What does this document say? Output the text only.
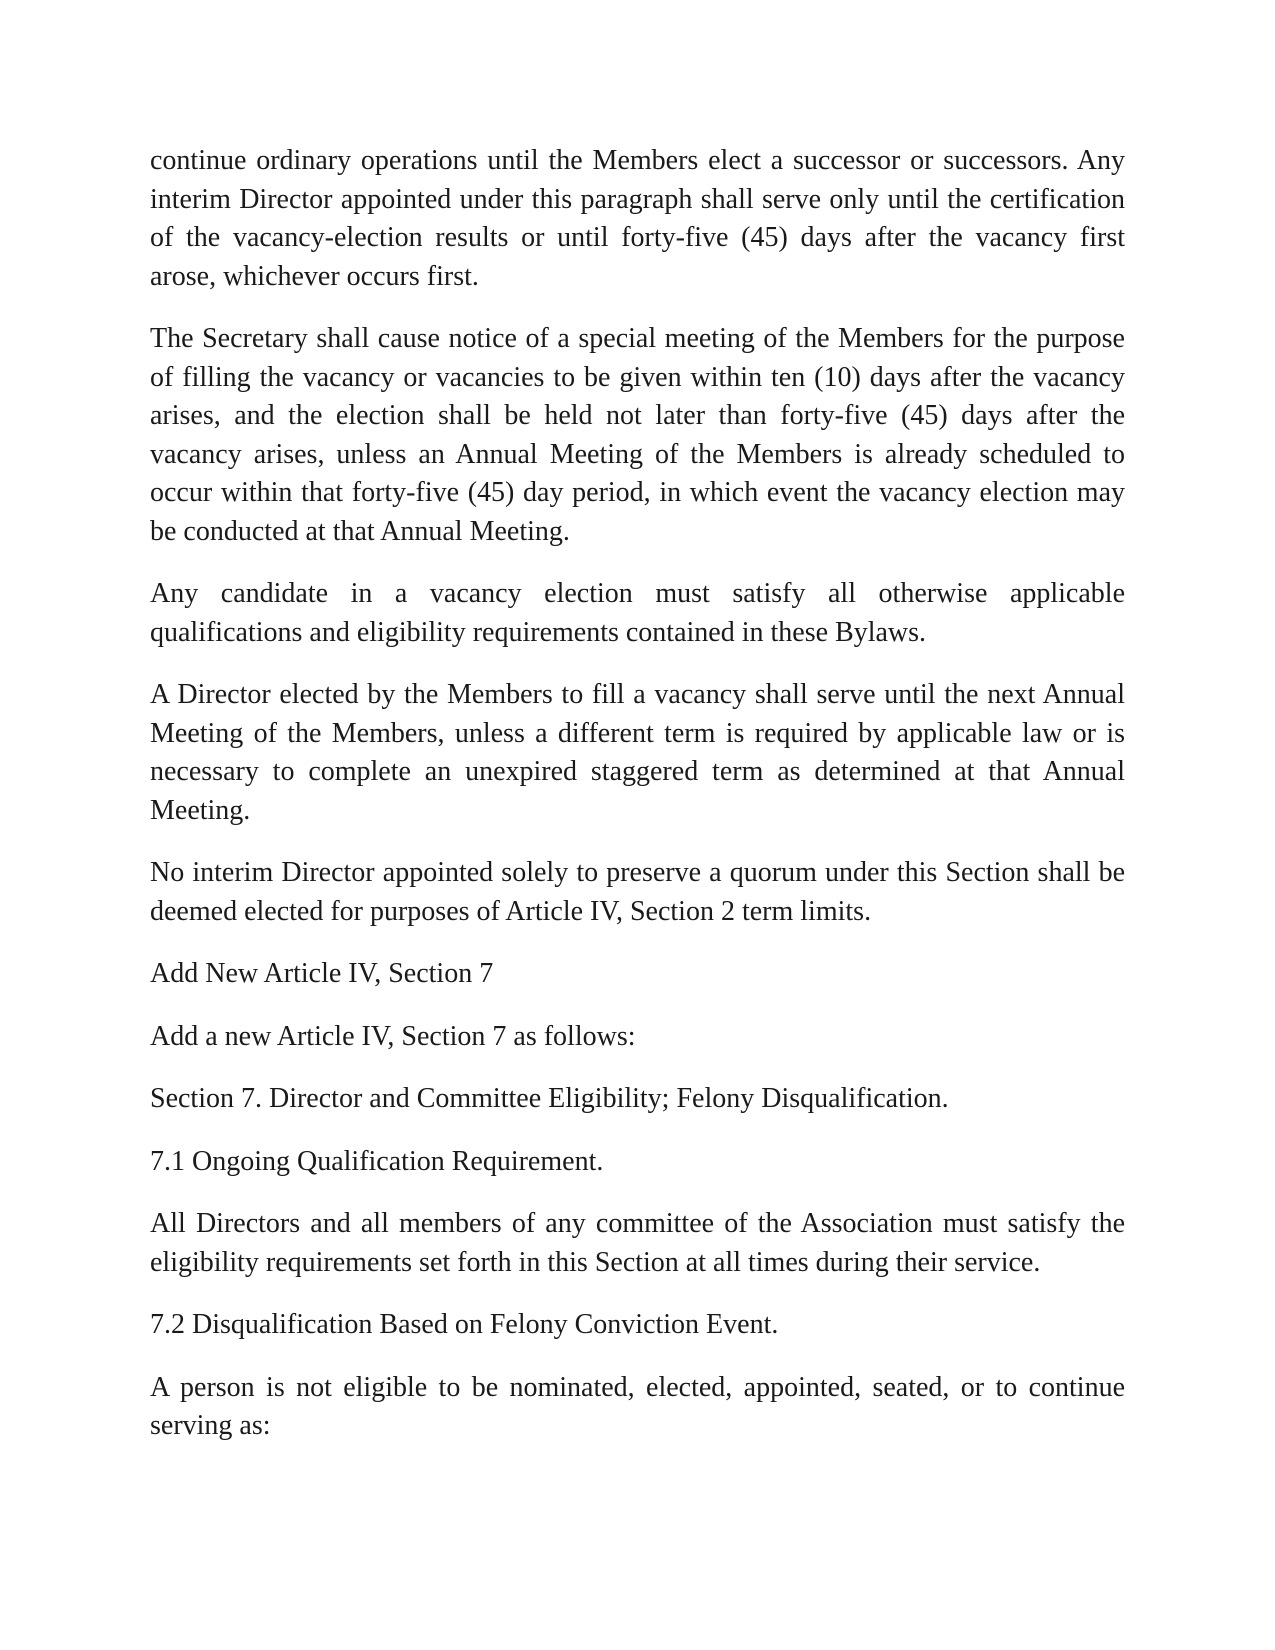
continue ordinary operations until the Members elect a successor or successors. Any interim Director appointed under this paragraph shall serve only until the certification of the vacancy-election results or until forty-five (45) days after the vacancy first arose, whichever occurs first.

The Secretary shall cause notice of a special meeting of the Members for the purpose of filling the vacancy or vacancies to be given within ten (10) days after the vacancy arises, and the election shall be held not later than forty-five (45) days after the vacancy arises, unless an Annual Meeting of the Members is already scheduled to occur within that forty-five (45) day period, in which event the vacancy election may be conducted at that Annual Meeting.

Any candidate in a vacancy election must satisfy all otherwise applicable qualifications and eligibility requirements contained in these Bylaws.

A Director elected by the Members to fill a vacancy shall serve until the next Annual Meeting of the Members, unless a different term is required by applicable law or is necessary to complete an unexpired staggered term as determined at that Annual Meeting.

No interim Director appointed solely to preserve a quorum under this Section shall be deemed elected for purposes of Article IV, Section 2 term limits.

Add New Article IV, Section 7

Add a new Article IV, Section 7 as follows:

Section 7. Director and Committee Eligibility; Felony Disqualification.

7.1 Ongoing Qualification Requirement.

All Directors and all members of any committee of the Association must satisfy the eligibility requirements set forth in this Section at all times during their service.

7.2 Disqualification Based on Felony Conviction Event.

A person is not eligible to be nominated, elected, appointed, seated, or to continue serving as:
